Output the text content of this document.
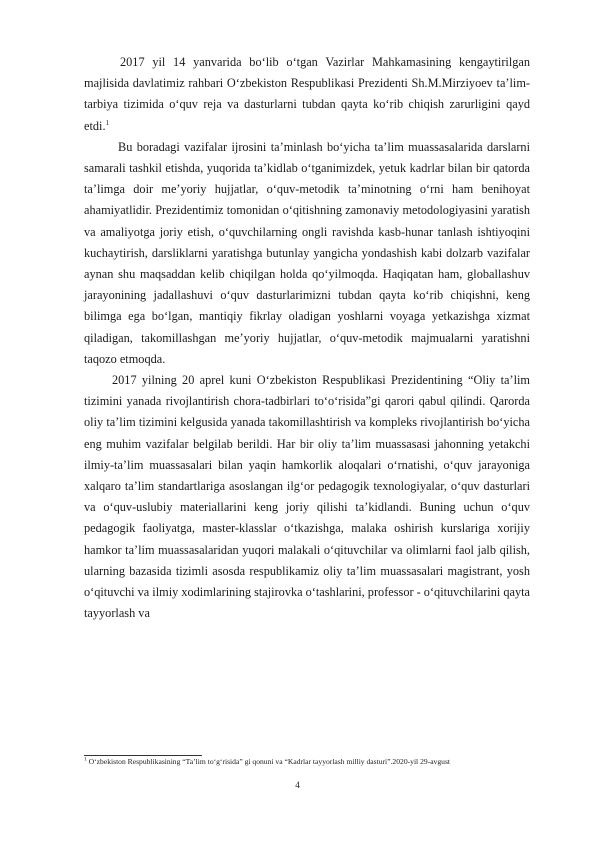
2017 yil 14 yanvarida bo‘lib o‘tgan Vazirlar Mahkamasining kengaytirilgan majlisida davlatimiz rahbari O‘zbekiston Respublikasi Prezidenti Sh.M.Mirziyoev ta’lim-tarbiya tizimida o‘quv reja va dasturlarni tubdan qayta ko‘rib chiqish zarurligini qayd etdi.$^1$

Bu boradagi vazifalar ijrosini ta’minlash bo‘yicha ta’lim muassasalarida darslarni samarali tashkil etishda, yuqorida ta’kidlab o‘tganimizdek, yetuk kadrlar bilan bir qatorda ta’limga doir me’yoriy hujjatlar, o‘quv-metodik ta’minotning o‘rni ham benihoyat ahamiyatlidir. Prezidentimiz tomonidan o‘qitishning zamonaviy metodologiyasini yaratish va amaliyotga joriy etish, o‘quvchilarning ongli ravishda kasb-hunar tanlash ishtiyoqini kuchaytirish, darsliklarni yaratishga butunlay yangicha yondashish kabi dolzarb vazifalar aynan shu maqsaddan kelib chiqilgan holda qo‘yilmoqda. Haqiqatan ham, globallashuv jarayonining jadallashuvi o‘quv dasturlarimizni tubdan qayta ko‘rib chiqishni, keng bilimga ega bo‘lgan, mantiqiy fikrlay oladigan yoshlarni voyaga yetkazishga xizmat qiladigan, takomillashgan me’yoriy hujjatlar, o‘quv-metodik majmualarni yaratishni taqozo etmoqda.

2017 yilning 20 aprel kuni O‘zbekiston Respublikasi Prezidentining “Oliy ta’lim tizimini yanada rivojlantirish chora-tadbirlari to‘o‘risida”gi qarori qabul qilindi. Qarorda oliy ta’lim tizimini kelgusida yanada takomillashtirish va kompleks rivojlantirish bo‘yicha eng muhim vazifalar belgilab berildi. Har bir oliy ta’lim muassasasi jahonning yetakchi ilmiy-ta’lim muassasalari bilan yaqin hamkorlik aloqalari o‘rnatishi, o‘quv jarayoniga xalqaro ta’lim standartlariga asoslangan ilg‘or pedagogik texnologiyalar, o‘quv dasturlari va o‘quv-uslubiy materiallarini keng joriy qilishi ta’kidlandi. Buning uchun o‘quv pedagogik faoliyatga, master-klasslar o‘tkazishga, malaka oshirish kurslariga xorijiy hamkor ta’lim muassasalaridan yuqori malakali o‘qituvchilar va olimlarni faol jalb qilish, ularning bazasida tizimli asosda respublikamiz oliy ta’lim muassasalari magistrant, yosh o‘qituvchi va ilmiy xodimlarining stajirovka o‘tashlarini, professor - o‘qituvchilarini qayta tayyorlash va

$^1$ O‘zbekiston Respublikasining “Ta’lim to‘g‘risida” gi qonuni va “Kadrlar tayyorlash milliy dasturi”.2020-yil 29-avgust

4
